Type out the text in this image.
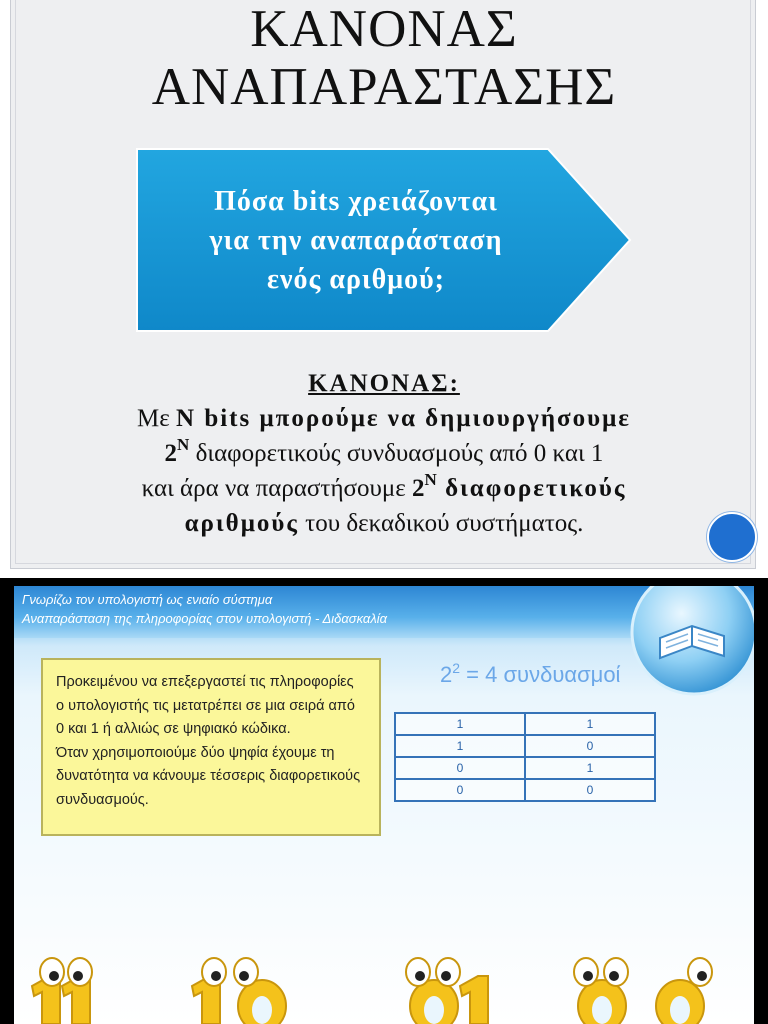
ΚΑΝΟΝΑΣ
ΑΝΑΠΑΡΑΣΤΑΣΗΣ
Πόσα bits χρειάζονται
για την αναπαράσταση
ενός αριθμού;
ΚΑΝΟΝΑΣ:
Με N bits μπορούμε να δημιουργήσουμε
$2^N$ διαφορετικούς συνδυασμούς από 0 και 1
και άρα να παραστήσουμε $2^N$ διαφορετικούς
αριθμούς του δεκαδικού συστήματος.
Γνωρίζω τον υπολογιστή ως ενιαίο σύστημα
Αναπαράσταση της πληροφορίας στον υπολογιστή - Διδασκαλία
Προκειμένου να επεξεργαστεί τις πληροφορίες
ο υπολογιστής τις μετατρέπει σε μια σειρά από
0 και 1 ή αλλιώς σε ψηφιακό κώδικα.
Όταν χρησιμοποιούμε δύο ψηφία έχουμε τη
δυνατότητα να κάνουμε τέσσερις διαφορετικούς
συνδυασμούς.
$2^2 = 4$ συνδυασμοί
1	1
1	0
0	1
0	0
